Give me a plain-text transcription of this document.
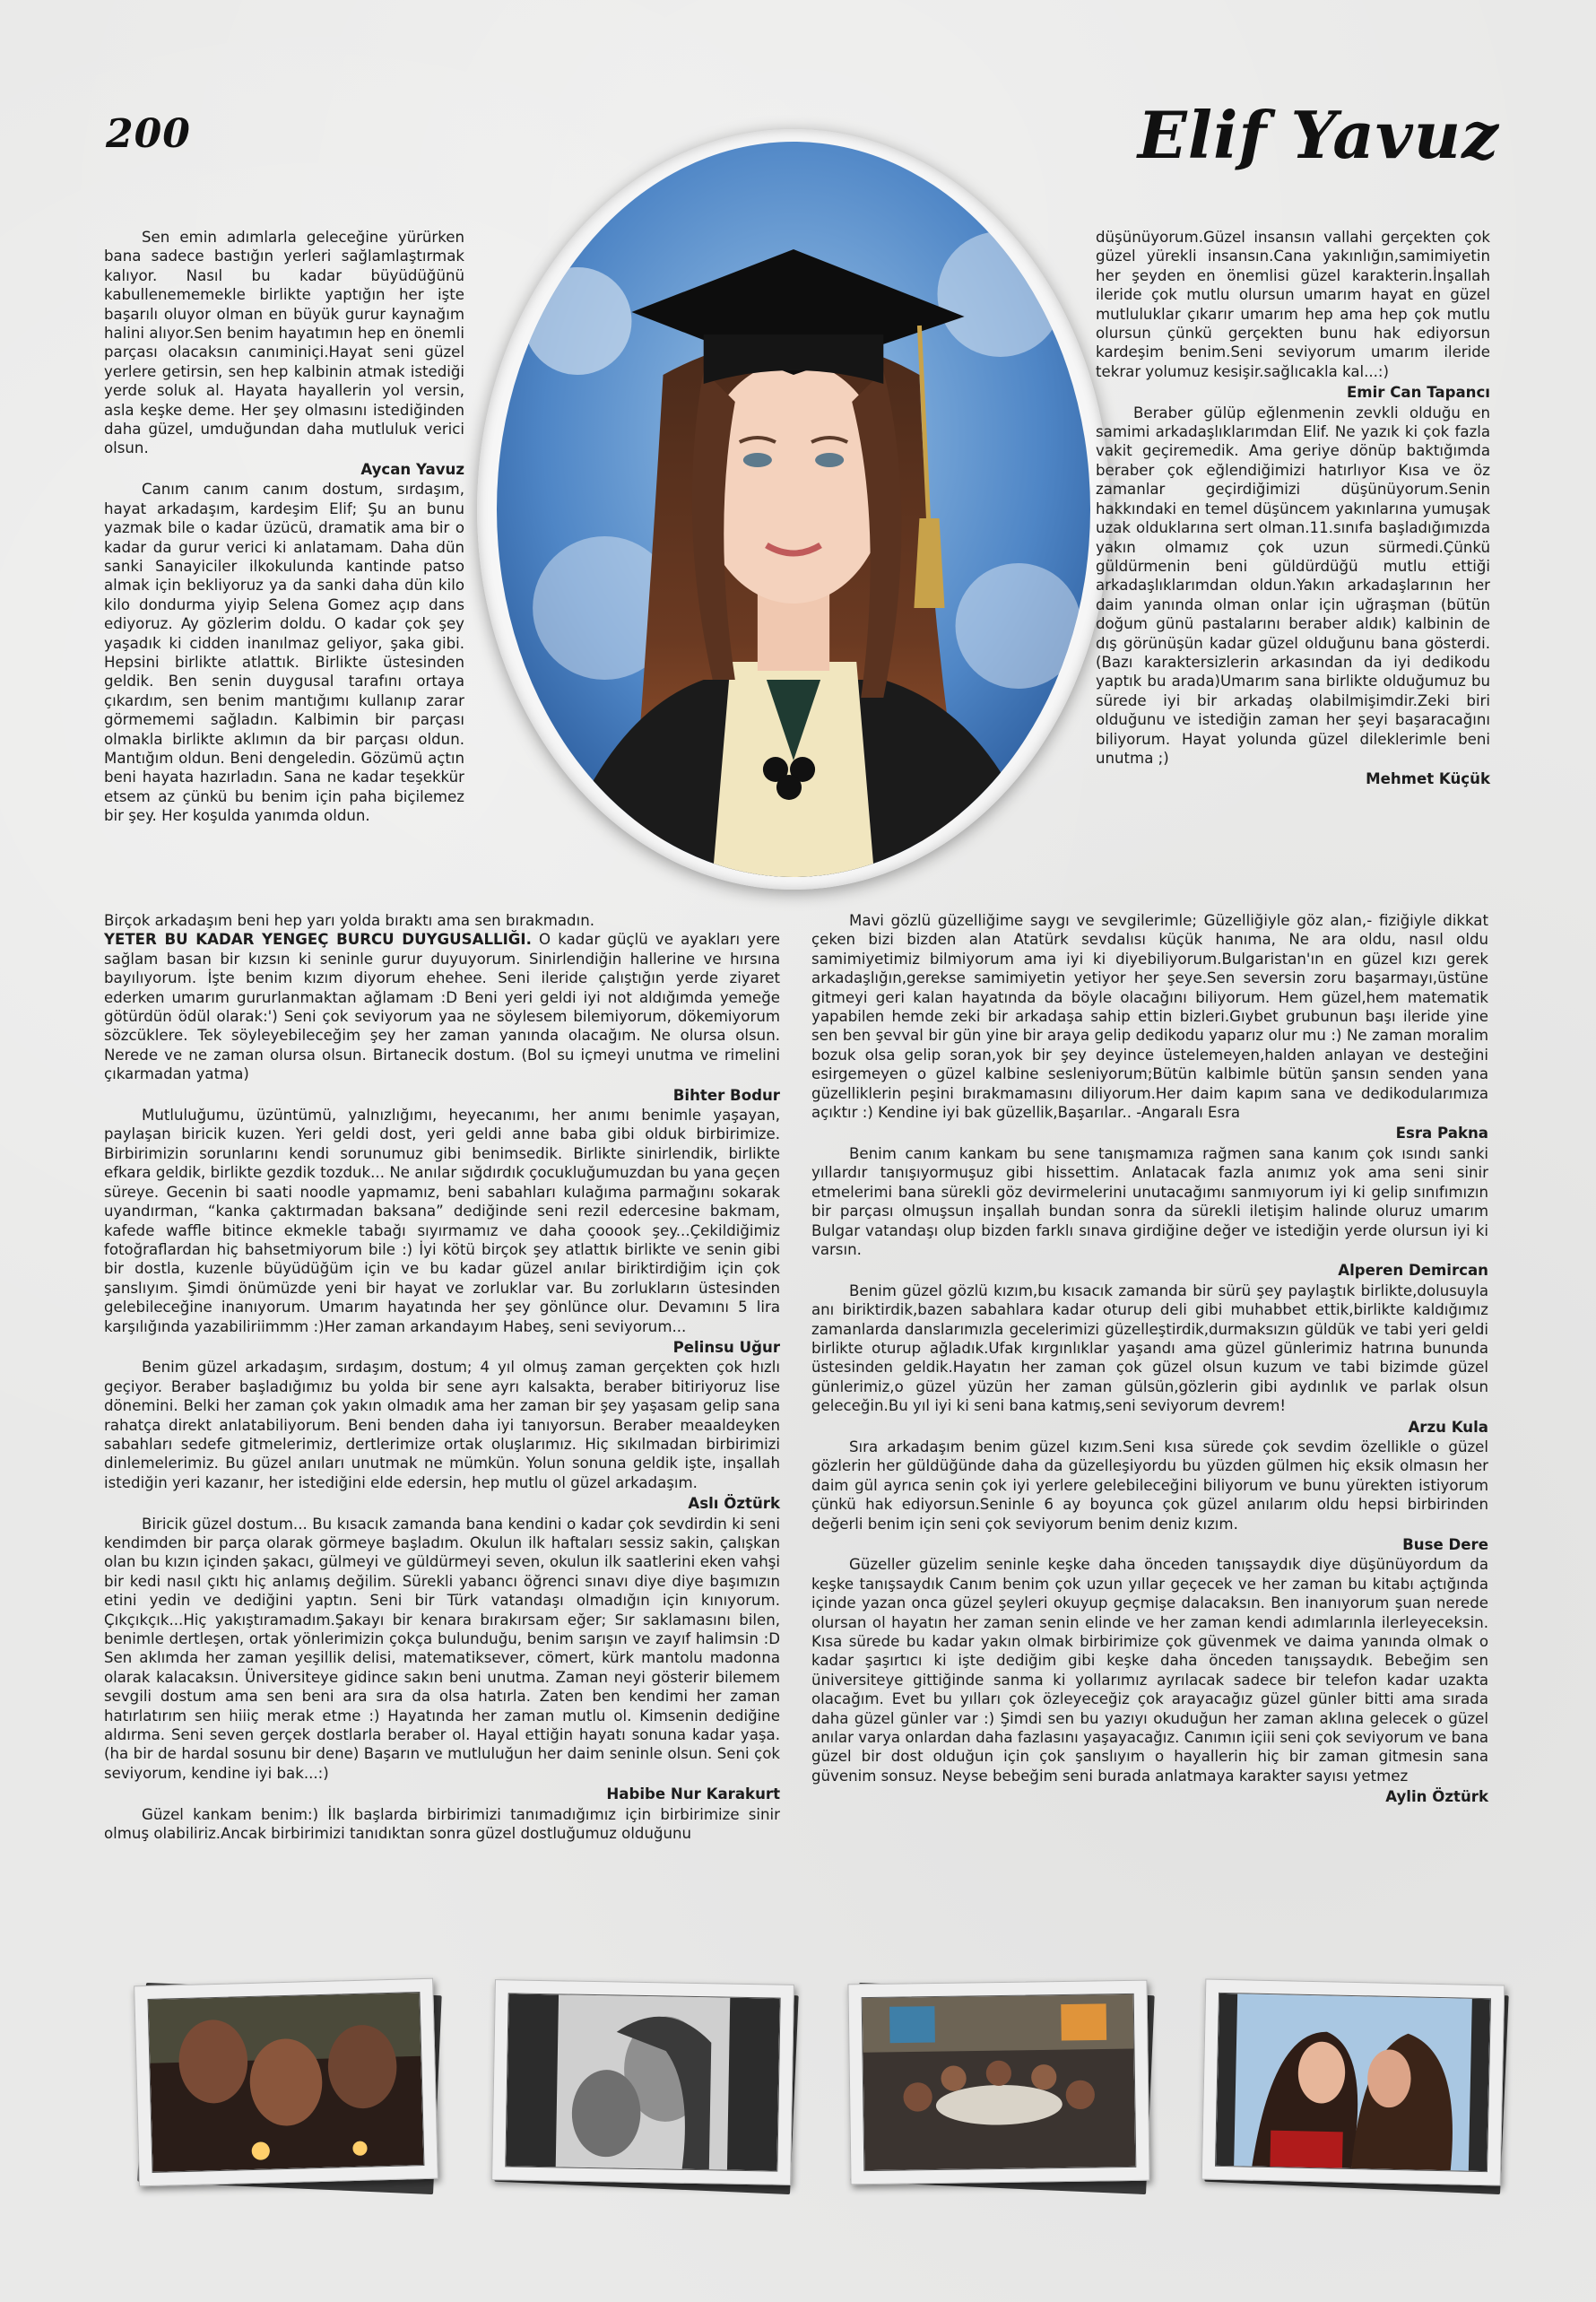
200	Elif Yavuz

Sen emin adımlarla geleceğine yürürken bana sadece bastığın yerleri sağlamlaştırmak kalıyor. Nasıl bu kadar büyüdüğünü kabullenememekle birlikte yaptığın her işte başarılı oluyor olman en büyük gurur kaynağım halini alıyor.Sen benim hayatımın hep en önemli parçası olacaksın canıminiçi.Hayat seni güzel yerlere getirsin, sen hep kalbinin atmak istediği yerde soluk al. Hayata hayallerin yol versin, asla keşke deme. Her şey olmasını istediğinden daha güzel, umduğundan daha mutluluk verici olsun.

Aycan Yavuz

Canım canım canım dostum, sırdaşım, hayat arkadaşım, kardeşim Elif; Şu an bunu yazmak bile o kadar üzücü, dramatik ama bir o kadar da gurur verici ki anlatamam. Daha dün sanki Sanayiciler ilkokulunda kantinde patso almak için bekliyoruz ya da sanki daha dün kilo kilo dondurma yiyip Selena Gomez açıp dans ediyoruz. Ay gözlerim doldu. O kadar çok şey yaşadık ki cidden inanılmaz geliyor, şaka gibi. Hepsini birlikte atlattık. Birlikte üstesinden geldik. Ben senin duygusal tarafını ortaya çıkardım, sen benim mantığımı kullanıp zarar görmememi sağladın. Kalbimin bir parçası olmakla birlikte aklımın da bir parçası oldun. Mantığım oldun. Beni dengeledin. Gözümü açtın beni hayata hazırladın. Sana ne kadar teşekkür etsem az çünkü bu benim için paha biçilemez bir şey. Her koşulda yanımda oldun.

düşünüyorum.Güzel insansın vallahi gerçekten çok güzel yürekli insansın.Cana yakınlığın,samimiyetin her şeyden en önemlisi güzel karakterin.İnşallah ileride çok mutlu olursun umarım hayat en güzel mutluluklar çıkarır umarım hep ama hep çok mutlu olursun çünkü gerçekten bunu hak ediyorsun kardeşim benim.Seni seviyorum umarım ileride tekrar yolumuz kesişir.sağlıcakla kal...:)

Emir Can Tapancı

Beraber gülüp eğlenmenin zevkli olduğu en samimi arkadaşlıklarımdan Elif. Ne yazık ki çok fazla vakit geçiremedik. Ama geriye dönüp baktığımda beraber çok eğlendiğimizi hatırlıyor Kısa ve öz zamanlar geçirdiğimizi düşünüyorum.Senin hakkındaki en temel düşüncem yakınlarına yumuşak uzak olduklarına sert olman.11.sınıfa başladığımızda yakın olmamız çok uzun sürmedi.Çünkü güldürmenin beni güldürdüğü mutlu ettiği arkadaşlıklarımdan oldun.Yakın arkadaşlarının her daim yanında olman onlar için uğraşman (bütün doğum günü pastalarını beraber aldık) kalbinin de dış görünüşün kadar güzel olduğunu bana gösterdi.(Bazı karaktersizlerin arkasından da iyi dedikodu yaptık bu arada)Umarım sana birlikte olduğumuz bu sürede iyi bir arkadaş olabilmişimdir.Zeki biri olduğunu ve istediğin zaman her şeyi başaracağını biliyorum. Hayat yolunda güzel dileklerimle beni unutma ;)

Mehmet Küçük

Birçok arkadaşım beni hep yarı yolda bıraktı ama sen bırakmadın.
YETER BU KADAR YENGEÇ BURCU DUYGUSALLIĞI. O kadar güçlü ve ayakları yere sağlam basan bir kızsın ki seninle gurur duyuyorum. Sinirlendiğin hallerine ve hırsına bayılıyorum. İşte benim kızım diyorum ehehee. Seni ileride çalıştığın yerde ziyaret ederken umarım gururlanmaktan ağlamam :D Beni yeri geldi iyi not aldığımda yemeğe götürdün ödül olarak:') Seni çok seviyorum yaa ne söylesem bilemiyorum, dökemiyorum sözcüklere. Tek söyleyebileceğim şey her zaman yanında olacağım. Ne olursa olsun. Nerede ve ne zaman olursa olsun. Birtanecik dostum. (Bol su içmeyi unutma ve rimelini çıkarmadan yatma)

Bihter Bodur

Mutluluğumu, üzüntümü, yalnızlığımı, heyecanımı, her anımı benimle yaşayan, paylaşan biricik kuzen. Yeri geldi dost, yeri geldi anne baba gibi olduk birbirimize. Birbirimizin sorunlarını kendi sorunumuz gibi benimsedik. Birlikte sinirlendik, birlikte efkara geldik, birlikte gezdik tozduk... Ne anılar sığdırdık çocukluğumuzdan bu yana geçen süreye. Gecenin bi saati noodle yapmamız, beni sabahları kulağıma parmağını sokarak uyandırman, “kanka çaktırmadan baksana” dediğinde seni rezil edercesine bakmam, kafede waffle bitince ekmekle tabağı sıyırmamız ve daha çooook şey...Çekildiğimiz fotoğraflardan hiç bahsetmiyorum bile :) İyi kötü birçok şey atlattık birlikte ve senin gibi bir dostla, kuzenle büyüdüğüm için ve bu kadar güzel anılar biriktirdiğim için çok şanslıyım. Şimdi önümüzde yeni bir hayat ve zorluklar var. Bu zorlukların üstesinden gelebileceğine inanıyorum. Umarım hayatında her şey gönlünce olur. Devamını 5 lira karşılığında yazabiliriimmm :)Her zaman arkandayım Habeş, seni seviyorum...

Pelinsu Uğur

Benim güzel arkadaşım, sırdaşım, dostum; 4 yıl olmuş zaman gerçekten çok hızlı geçiyor. Beraber başladığımız bu yolda bir sene ayrı kalsakta, beraber bitiriyoruz lise dönemini. Belki her zaman çok yakın olmadık ama her zaman bir şey yaşasam gelip sana rahatça direkt anlatabiliyorum. Beni benden daha iyi tanıyorsun. Beraber meaaldeyken sabahları sedefe gitmelerimiz, dertlerimize ortak oluşlarımız. Hiç sıkılmadan birbirimizi dinlemelerimiz. Bu güzel anıları unutmak ne mümkün. Yolun sonuna geldik işte, inşallah istediğin yeri kazanır, her istediğini elde edersin, hep mutlu ol güzel arkadaşım.

Aslı Öztürk

Biricik güzel dostum... Bu kısacık zamanda bana kendini o kadar çok sevdirdin ki seni kendimden bir parça olarak görmeye başladım. Okulun ilk haftaları sessiz sakin, çalışkan olan bu kızın içinden şakacı, gülmeyi ve güldürmeyi seven, okulun ilk saatlerini eken vahşi bir kedi nasıl çıktı hiç anlamış değilim. Sürekli yabancı öğrenci sınavı diye diye başımızın etini yedin ve dediğini yaptın. Seni bir Türk vatandaşı olmadığın için kınıyorum. Çıkçıkçık...Hiç yakıştıramadım.Şakayı bir kenara bırakırsam eğer; Sır saklamasını bilen, benimle dertleşen, ortak yönlerimizin çokça bulunduğu, benim sarışın ve zayıf halimsin :D Sen aklımda her zaman yeşillik delisi, matematiksever, cömert, kürk mantolu madonna olarak kalacaksın. Üniversiteye gidince sakın beni unutma. Zaman neyi gösterir bilemem sevgili dostum ama sen beni ara sıra da olsa hatırla. Zaten ben kendimi her zaman hatırlatırım sen hiiiç merak etme :) Hayatında her zaman mutlu ol. Kimsenin dediğine aldırma. Seni seven gerçek dostlarla beraber ol. Hayal ettiğin hayatı sonuna kadar yaşa. (ha bir de hardal sosunu bir dene) Başarın ve mutluluğun her daim seninle olsun. Seni çok seviyorum, kendine iyi bak...:)

Habibe Nur Karakurt

Güzel kankam benim:) İlk başlarda birbirimizi tanımadığımız için birbirimize sinir olmuş olabiliriz.Ancak birbirimizi tanıdıktan sonra güzel dostluğumuz olduğunu

Mavi gözlü güzelliğime saygı ve sevgilerimle; Güzelliğiyle göz alan,- fiziğiyle dikkat çeken bizi bizden alan Atatürk sevdalısı küçük hanıma, Ne ara oldu, nasıl oldu samimiyetimiz bilmiyorum ama iyi ki diyebiliyorum.Bulgaristan'ın en güzel kızı gerek arkadaşlığın,gerekse samimiyetin yetiyor her şeye.Sen seversin zoru başarmayı,üstüne gitmeyi geri kalan hayatında da böyle olacağını biliyorum. Hem güzel,hem matematik yapabilen hemde zeki bir arkadaşa sahip ettin bizleri.Gıybet grubunun başı ileride yine sen ben şevval bir gün yine bir araya gelip dedikodu yaparız olur mu :) Ne zaman moralim bozuk olsa gelip soran,yok bir şey deyince üstelemeyen,halden anlayan ve desteğini esirgemeyen o güzel kalbine sesleniyorum;Bütün kalbimle bütün şansın senden yana güzelliklerin peşini bırakmamasını diliyorum.Her daim kapım sana ve dedikodularımıza açıktır :) Kendine iyi bak güzellik,Başarılar.. -Angaralı Esra

Esra Pakna

Benim canım kankam bu sene tanışmamıza rağmen sana kanım çok ısındı sanki yıllardır tanışıyormuşuz gibi hissettim. Anlatacak fazla anımız yok ama seni sinir etmelerimi bana sürekli göz devirmelerini unutacağımı sanmıyorum iyi ki gelip sınıfımızın bir parçası olmuşsun inşallah bundan sonra da sürekli iletişim halinde oluruz umarım Bulgar vatandaşı olup bizden farklı sınava girdiğine değer ve istediğin yerde olursun iyi ki varsın.

Alperen Demircan

Benim güzel gözlü kızım,bu kısacık zamanda bir sürü şey paylaştık birlikte,dolusuyla anı biriktirdik,bazen sabahlara kadar oturup deli gibi muhabbet ettik,birlikte kaldığımız zamanlarda danslarımızla gecelerimizi güzelleştirdik,durmaksızın güldük ve tabi yeri geldi birlikte oturup ağladık.Ufak kırgınlıklar yaşandı ama güzel günlerimiz hatrına bununda üstesinden geldik.Hayatın her zaman çok güzel olsun kuzum ve tabi bizimde güzel günlerimiz,o güzel yüzün her zaman gülsün,gözlerin gibi aydınlık ve parlak olsun geleceğin.Bu yıl iyi ki seni bana katmış,seni seviyorum devrem!

Arzu Kula

Sıra arkadaşım benim güzel kızım.Seni kısa sürede çok sevdim özellikle o güzel gözlerin her güldüğünde daha da güzelleşiyordu bu yüzden gülmen hiç eksik olmasın her daim gül ayrıca senin çok iyi yerlere gelebileceğini biliyorum ve bunu yürekten istiyorum çünkü hak ediyorsun.Seninle 6 ay boyunca çok güzel anılarım oldu hepsi birbirinden değerli benim için seni çok seviyorum benim deniz kızım.

Buse Dere

Güzeller güzelim seninle keşke daha önceden tanışsaydık diye düşünüyordum da keşke tanışsaydık Canım benim çok uzun yıllar geçecek ve her zaman bu kitabı açtığında içinde yazan onca güzel şeyleri okuyup geçmişe dalacaksın. Ben inanıyorum şuan nerede olursan ol hayatın her zaman senin elinde ve her zaman kendi adımlarınla ilerleyeceksin. Kısa sürede bu kadar yakın olmak birbirimize çok güvenmek ve daima yanında olmak o kadar şaşırtıcı ki işte dediğim gibi keşke daha önceden tanışsaydık. Bebeğim sen üniversiteye gittiğinde sanma ki yollarımız ayrılacak sadece bir telefon kadar uzakta olacağım. Evet bu yılları çok özleyeceğiz çok arayacağız güzel günler bitti ama sırada daha güzel günler var :) Şimdi sen bu yazıyı okuduğun her zaman aklına gelecek o güzel anılar varya onlardan daha fazlasını yaşayacağız. Canımın içiii seni çok seviyorum ve bana güzel bir dost olduğun için çok şanslıyım o hayallerin hiç bir zaman gitmesin sana güvenim sonsuz. Neyse bebeğim seni burada anlatmaya karakter sayısı yetmez

Aylin Öztürk
